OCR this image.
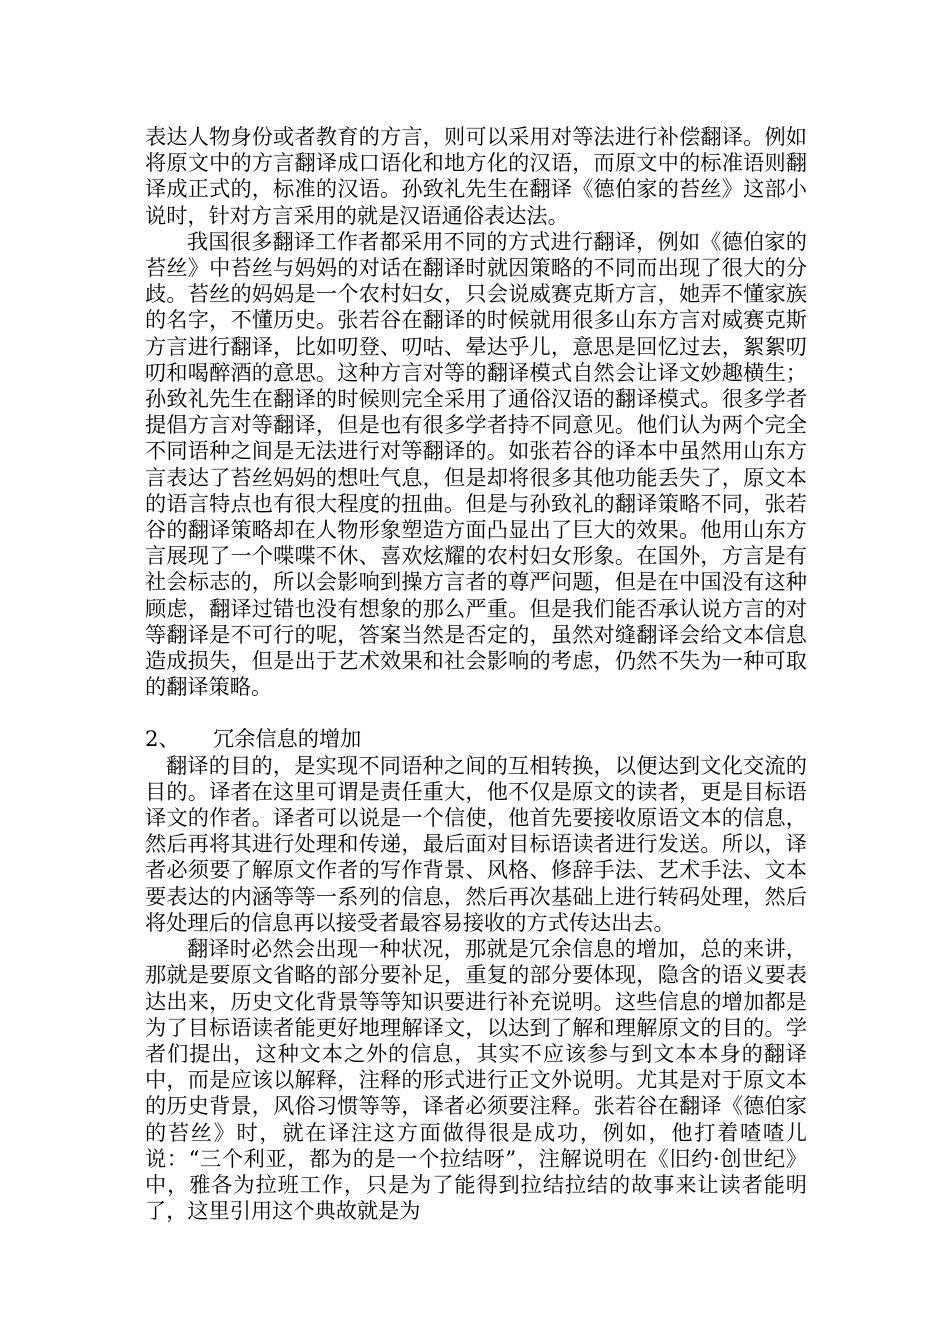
表达人物身份或者教育的方言，则可以采用对等法进行补偿翻译。例如将原文中的方言翻译成口语化和地方化的汉语，而原文中的标准语则翻译成正式的，标准的汉语。孙致礼先生在翻译《德伯家的苔丝》这部小说时，针对方言采用的就是汉语通俗表达法。

我国很多翻译工作者都采用不同的方式进行翻译，例如《德伯家的苔丝》中苔丝与妈妈的对话在翻译时就因策略的不同而出现了很大的分歧。苔丝的妈妈是一个农村妇女，只会说威赛克斯方言，她弄不懂家族的名字，不懂历史。张若谷在翻译的时候就用很多山东方言对威赛克斯方言进行翻译，比如叨登、叨咕、晕达乎儿，意思是回忆过去，絮絮叨叨和喝醉酒的意思。这种方言对等的翻译模式自然会让译文妙趣横生；孙致礼先生在翻译的时候则完全采用了通俗汉语的翻译模式。很多学者提倡方言对等翻译，但是也有很多学者持不同意见。他们认为两个完全不同语种之间是无法进行对等翻译的。如张若谷的译本中虽然用山东方言表达了苔丝妈妈的想吐气息，但是却将很多其他功能丢失了，原文本的语言特点也有很大程度的扭曲。但是与孙致礼的翻译策略不同，张若谷的翻译策略却在人物形象塑造方面凸显出了巨大的效果。他用山东方言展现了一个喋喋不休、喜欢炫耀的农村妇女形象。在国外，方言是有社会标志的，所以会影响到操方言者的尊严问题，但是在中国没有这种顾虑，翻译过错也没有想象的那么严重。但是我们能否承认说方言的对等翻译是不可行的呢，答案当然是否定的，虽然对缝翻译会给文本信息造成损失，但是出于艺术效果和社会影响的考虑，仍然不失为一种可取的翻译策略。

2、	冗余信息的增加

翻译的目的，是实现不同语种之间的互相转换，以便达到文化交流的目的。译者在这里可谓是责任重大，他不仅是原文的读者，更是目标语译文的作者。译者可以说是一个信使，他首先要接收原语文本的信息，然后再将其进行处理和传递，最后面对目标语读者进行发送。所以，译者必须要了解原文作者的写作背景、风格、修辞手法、艺术手法、文本要表达的内涵等等一系列的信息，然后再次基础上进行转码处理，然后将处理后的信息再以接受者最容易接收的方式传达出去。

翻译时必然会出现一种状况，那就是冗余信息的增加，总的来讲，那就是要原文省略的部分要补足，重复的部分要体现，隐含的语义要表达出来，历史文化背景等等知识要进行补充说明。这些信息的增加都是为了目标语读者能更好地理解译文，以达到了解和理解原文的目的。学者们提出，这种文本之外的信息，其实不应该参与到文本本身的翻译中，而是应该以解释，注释的形式进行正文外说明。尤其是对于原文本的历史背景，风俗习惯等等，译者必须要注释。张若谷在翻译《德伯家的苔丝》时，就在译注这方面做得很是成功，例如，他打着喳喳儿说：“三个利亚，都为的是一个拉结呀”，注解说明在《旧约·创世纪》中，雅各为拉班工作，只是为了能得到拉结拉结的故事来让读者能明了，这里引用这个典故就是为
